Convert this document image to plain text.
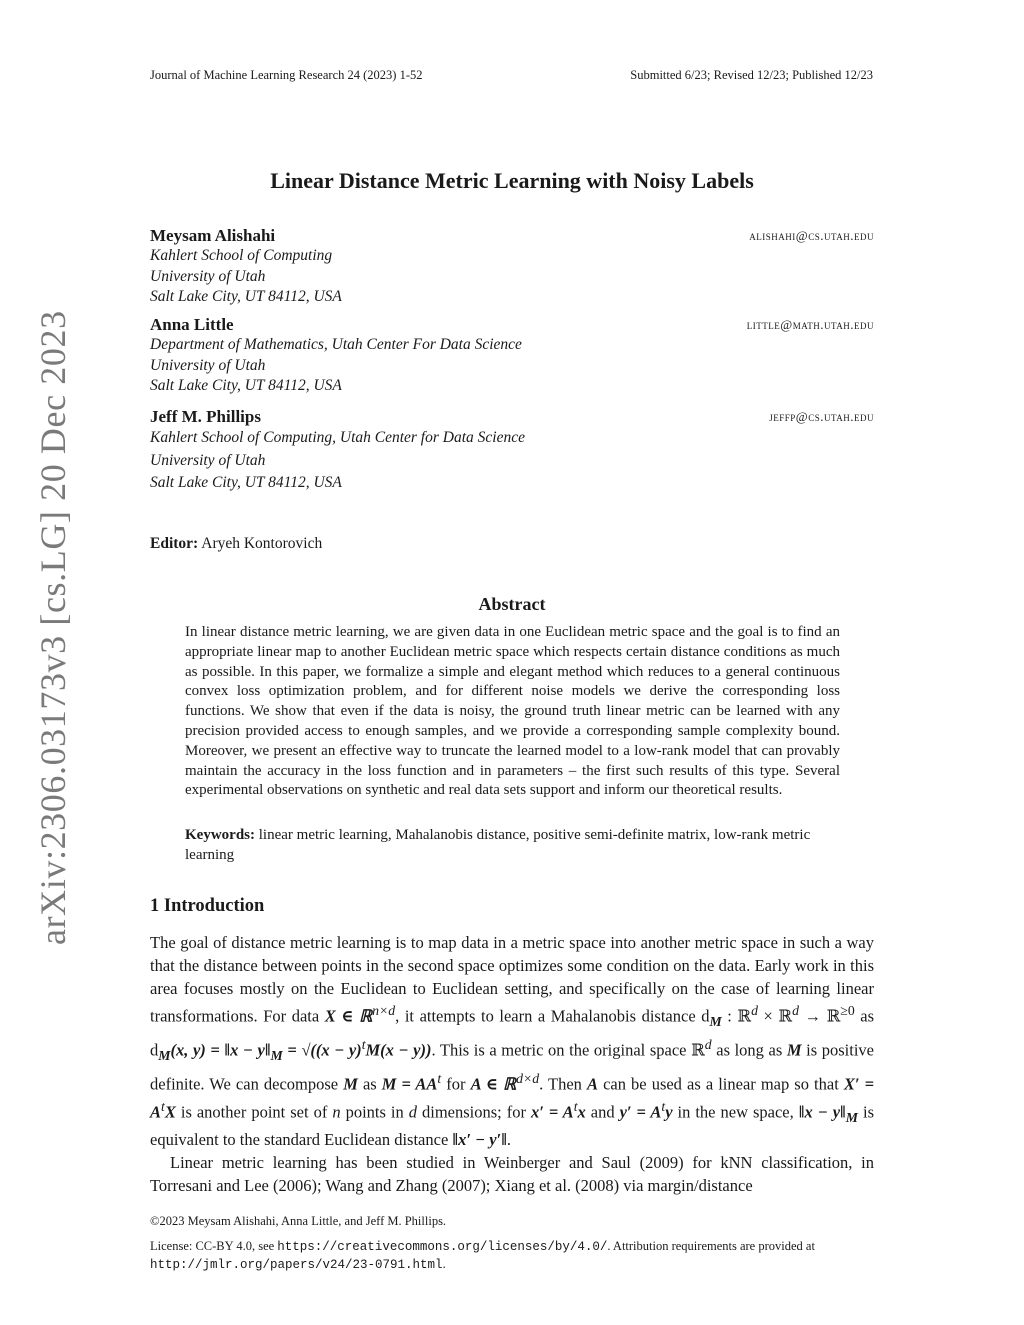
Journal of Machine Learning Research 24 (2023) 1-52	Submitted 6/23; Revised 12/23; Published 12/23
arXiv:2306.03173v3 [cs.LG] 20 Dec 2023
Linear Distance Metric Learning with Noisy Labels
Meysam Alishahi	alishahi@cs.utah.edu
Kahlert School of Computing
University of Utah
Salt Lake City, UT 84112, USA
Anna Little	little@math.utah.edu
Department of Mathematics, Utah Center For Data Science
University of Utah
Salt Lake City, UT 84112, USA
Jeff M. Phillips	jeffp@cs.utah.edu
Kahlert School of Computing, Utah Center for Data Science
University of Utah
Salt Lake City, UT 84112, USA
Editor: Aryeh Kontorovich
Abstract
In linear distance metric learning, we are given data in one Euclidean metric space and the goal is to find an appropriate linear map to another Euclidean metric space which respects certain distance conditions as much as possible. In this paper, we formalize a simple and elegant method which reduces to a general continuous convex loss optimization problem, and for different noise models we derive the corresponding loss functions. We show that even if the data is noisy, the ground truth linear metric can be learned with any precision provided access to enough samples, and we provide a corresponding sample complexity bound. Moreover, we present an effective way to truncate the learned model to a low-rank model that can provably maintain the accuracy in the loss function and in parameters – the first such results of this type. Several experimental observations on synthetic and real data sets support and inform our theoretical results.
Keywords: linear metric learning, Mahalanobis distance, positive semi-definite matrix, low-rank metric learning
1 Introduction

The goal of distance metric learning is to map data in a metric space into another metric space in such a way that the distance between points in the second space optimizes some condition on the data. Early work in this area focuses mostly on the Euclidean to Euclidean setting, and specifically on the case of learning linear transformations. For data X ∈ ℝ$^{n\times d}$, it attempts to learn a Mahalanobis distance $d_M$ : ℝ$^d$ × ℝ$^d$ → ℝ$^{\ge 0}$ as $d_M(x$, y) = ‖x − $y‖_M = √((x - y)^tM(x - y))$. This is a metric on the original space ℝ$^d$ as long as M is positive definite. We can decompose M as $M = AA^t$ for A ∈ ℝ$^{d\times d}$. Then A can be used as a linear map so that $X' = A^tX$ is another point set of n points in d dimensions; for $x' = A^tx$ and $y' = A^ty$ in the new space, ‖x − $y‖_M$ is equivalent to the standard Euclidean distance ‖x′ − y′‖.

Linear metric learning has been studied in Weinberger and Saul (2009) for kNN classification, in Torresani and Lee (2006); Wang and Zhang (2007); Xiang et al. (2008) via margin/distance

©2023 Meysam Alishahi, Anna Little, and Jeff M. Phillips.
License: CC-BY 4.0, see https://creativecommons.org/licenses/by/4.0/. Attribution requirements are provided at
http://jmlr.org/papers/v24/23-0791.html.
